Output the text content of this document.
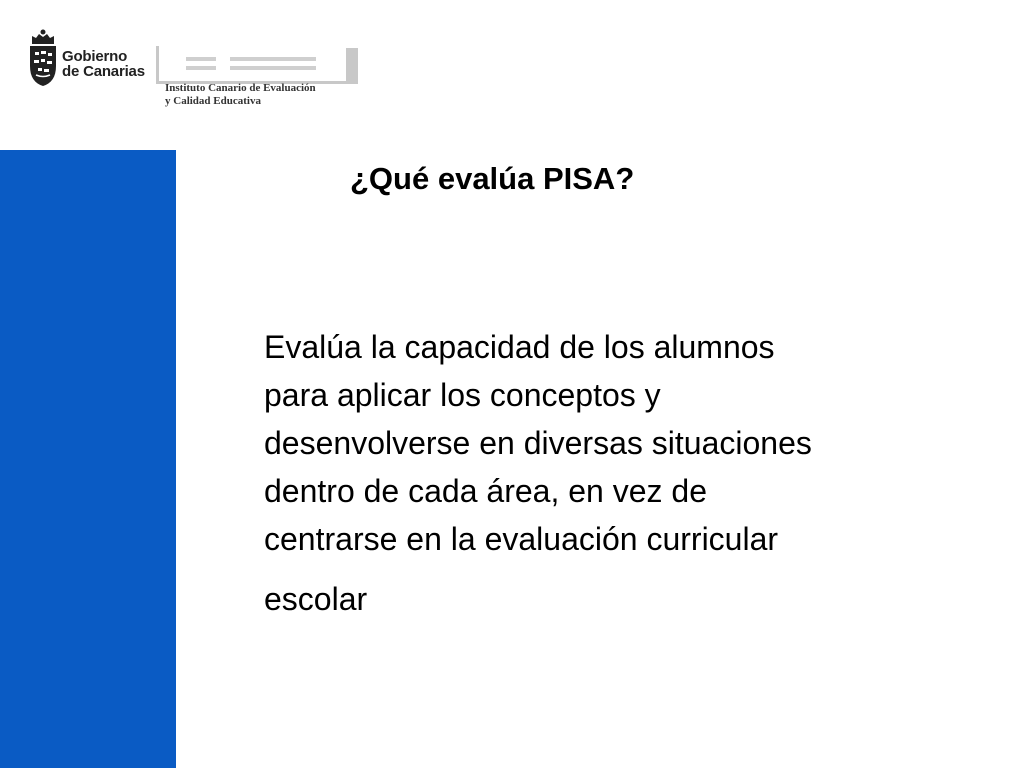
Gobierno
de Canarias
Instituto Canario de Evaluación
y Calidad Educativa
¿Qué evalúa PISA?
Evalúa la capacidad de los alumnos
para aplicar los conceptos y
desenvolverse en diversas situaciones
dentro de cada área, en vez de
centrarse en la evaluación curricular
escolar
